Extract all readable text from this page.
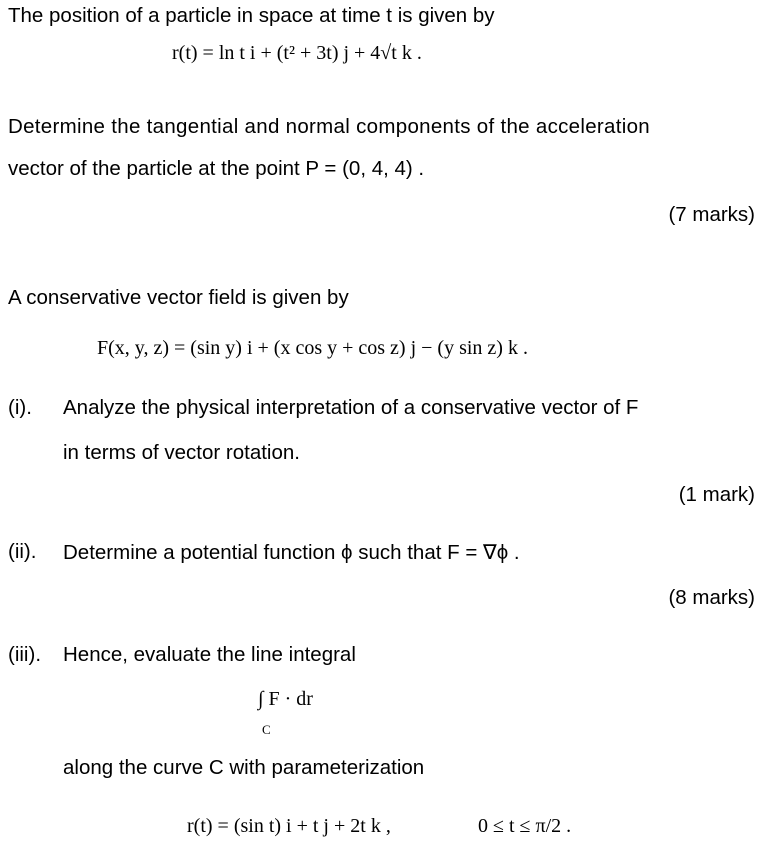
The position of a particle in space at time t is given by
r(t) = ln t i + (t² + 3t) j + 4√t k .
Determine the tangential and normal components of the acceleration
vector of the particle at the point P = (0, 4, 4) .
(7 marks)
A conservative vector field is given by
F(x, y, z) = (sin y) i + (x cos y + cos z) j − (y sin z) k .
(i). Analyze the physical interpretation of a conservative vector of F
in terms of vector rotation.
(1 mark)
(ii). Determine a potential function ϕ such that F = ∇ϕ .
(8 marks)
(iii). Hence, evaluate the line integral
∫ F · dr
C
along the curve C with parameterization
r(t) = (sin t) i + t j + 2t k ,	0 ≤ t ≤ π/2 .
